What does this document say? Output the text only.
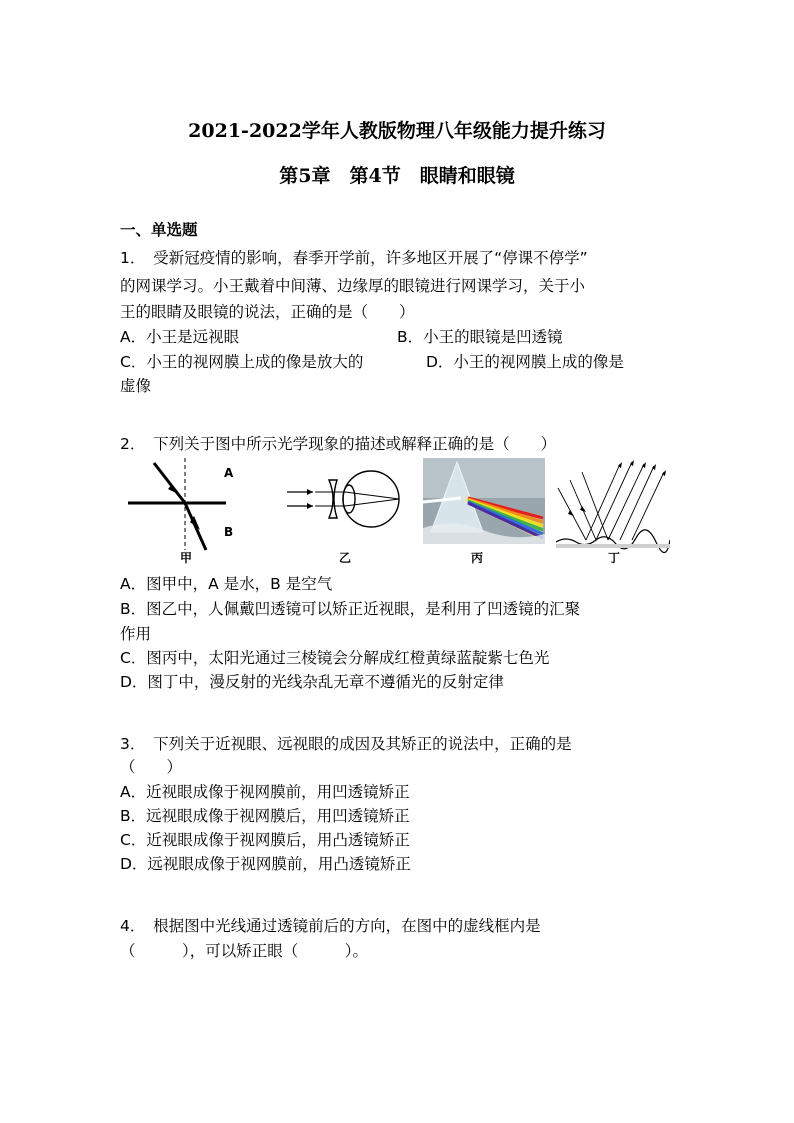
2021-2022学年人教版物理八年级能力提升练习
第5章　第4节　眼睛和眼镜
一、单选题
1．　受新冠疫情的影响，春季开学前，许多地区开展了“停课不停学”
的网课学习。小王戴着中间薄、边缘厚的眼镜进行网课学习，关于小
王的眼睛及眼镜的说法，正确的是（　　）
A．小王是远视眼	B．小王的眼镜是凹透镜
C．小王的视网膜上成的像是放大的	D．小王的视网膜上成的像是
虚像
2．　下列关于图中所示光学现象的描述或解释正确的是（　　）
A
B
甲	乙	丙	丁
A．图甲中，A 是水，B 是空气
B．图乙中，人佩戴凹透镜可以矫正近视眼，是利用了凹透镜的汇聚
作用
C．图丙中，太阳光通过三棱镜会分解成红橙黄绿蓝靛紫七色光
D．图丁中，漫反射的光线杂乱无章不遵循光的反射定律
3．　下列关于近视眼、远视眼的成因及其矫正的说法中，正确的是
（　　）
A．近视眼成像于视网膜前，用凹透镜矫正
B．远视眼成像于视网膜后，用凹透镜矫正
C．近视眼成像于视网膜后，用凸透镜矫正
D．远视眼成像于视网膜前，用凸透镜矫正
4．　根据图中光线通过透镜前后的方向，在图中的虚线框内是
（　　　），可以矫正眼（　　　）。
